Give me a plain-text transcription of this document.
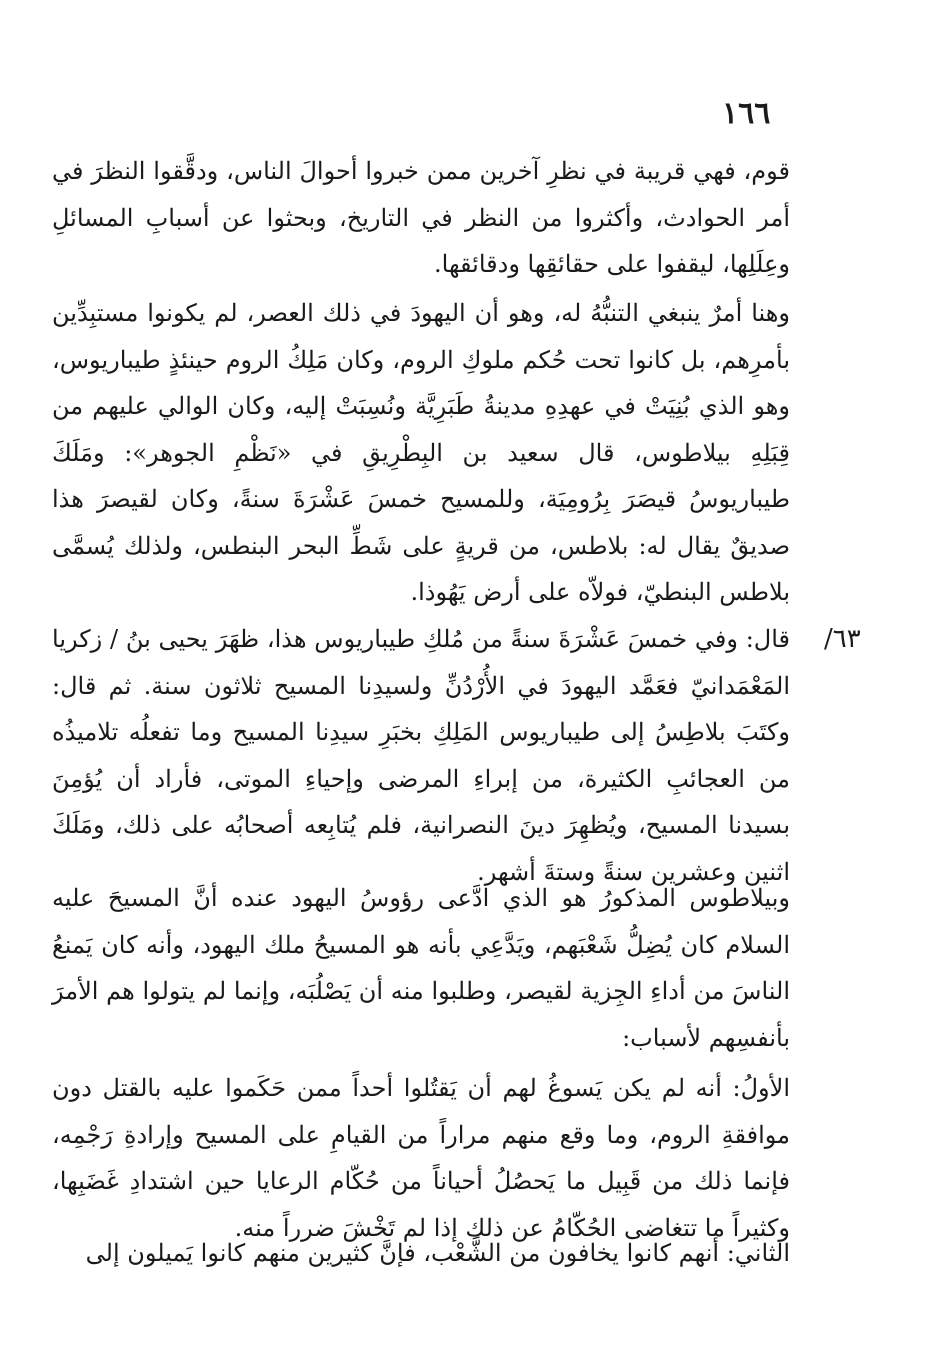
١٦٦
٦٣/

قوم، فهي قريبة في نظرِ آخرين ممن خبروا أحوالَ الناس، ودقَّقوا النظرَ في أمر الحوادث، وأكثروا من النظر في التاريخ، وبحثوا عن أسبابِ المسائلِ وعِلَلِها، ليقفوا على حقائقِها ودقائقها.

وهنا أمرٌ ينبغي التنبُّهُ له، وهو أن اليهودَ في ذلك العصر، لم يكونوا مستبِدِّين بأمرِهم، بل كانوا تحت حُكم ملوكِ الروم، وكان مَلِكُ الروم حينئذٍ طيباريوس، وهو الذي بُنِيَتْ في عهدِهِ مدينةُ طَبَرِيَّة ونُسِبَتْ إليه، وكان الوالي عليهم من قِبَلِهِ بيلاطوس، قال سعيد بن البِطْرِيقِ في «نَظْمِ الجوهر»: ومَلَكَ طيباريوسُ قيصَرَ بِرُومِيَة، وللمسيح خمسَ عَشْرَةَ سنةً، وكان لقيصرَ هذا صديقٌ يقال له: بلاطس، من قريةٍ على شَطِّ البحر البنطس، ولذلك يُسمَّى بلاطس البنطيّ، فولاّه على أرض يَهُوذا.

قال: وفي خمسَ عَشْرَةَ سنةً من مُلكِ طيباريوس هذا، ظهَرَ يحيى بنُ / زكريا المَعْمَدانيّ فعَمَّد اليهودَ في الأُرْدُنِّ ولسيدِنا المسيح ثلاثون سنة. ثم قال: وكتَبَ بلاطِسُ إلى طيباريوس المَلِكِ بخبَرِ سيدِنا المسيح وما تفعلُه تلاميذُه من العجائبِ الكثيرة، من إبراءِ المرضى وإحياءِ الموتى، فأراد أن يُؤمِنَ بسيدنا المسيح، ويُظهِرَ دينَ النصرانية، فلم يُتابِعه أصحابُه على ذلك، ومَلَكَ اثنين وعشرين سنةً وستةَ أشهر.

وبيلاطوس المذكورُ هو الذي ادَّعى رؤوسُ اليهود عنده أنَّ المسيحَ عليه السلام كان يُضِلُّ شَعْبَهم، ويَدَّعِي بأنه هو المسيحُ ملك اليهود، وأنه كان يَمنعُ الناسَ من أداءِ الجِزية لقيصر، وطلبوا منه أن يَصْلُبَه، وإنما لم يتولوا هم الأمرَ بأنفسِهم لأسباب:

الأولُ: أنه لم يكن يَسوغُ لهم أن يَقتُلوا أحداً ممن حَكَموا عليه بالقتل دون موافقةِ الروم، وما وقع منهم مراراً من القيامِ على المسيح وإرادةِ رَجْمِه، فإنما ذلك من قَبِيل ما يَحصُلُ أحياناً من حُكّام الرعايا حين اشتدادِ غَضَبِها، وكثيراً ما تتغاضى الحُكّامُ عن ذلك إذا لم تَخْشَ ضرراً منه.

الثاني: أنهم كانوا يخافون من الشَّعْب، فإنَّ كثيرين منهم كانوا يَميلون إلى
